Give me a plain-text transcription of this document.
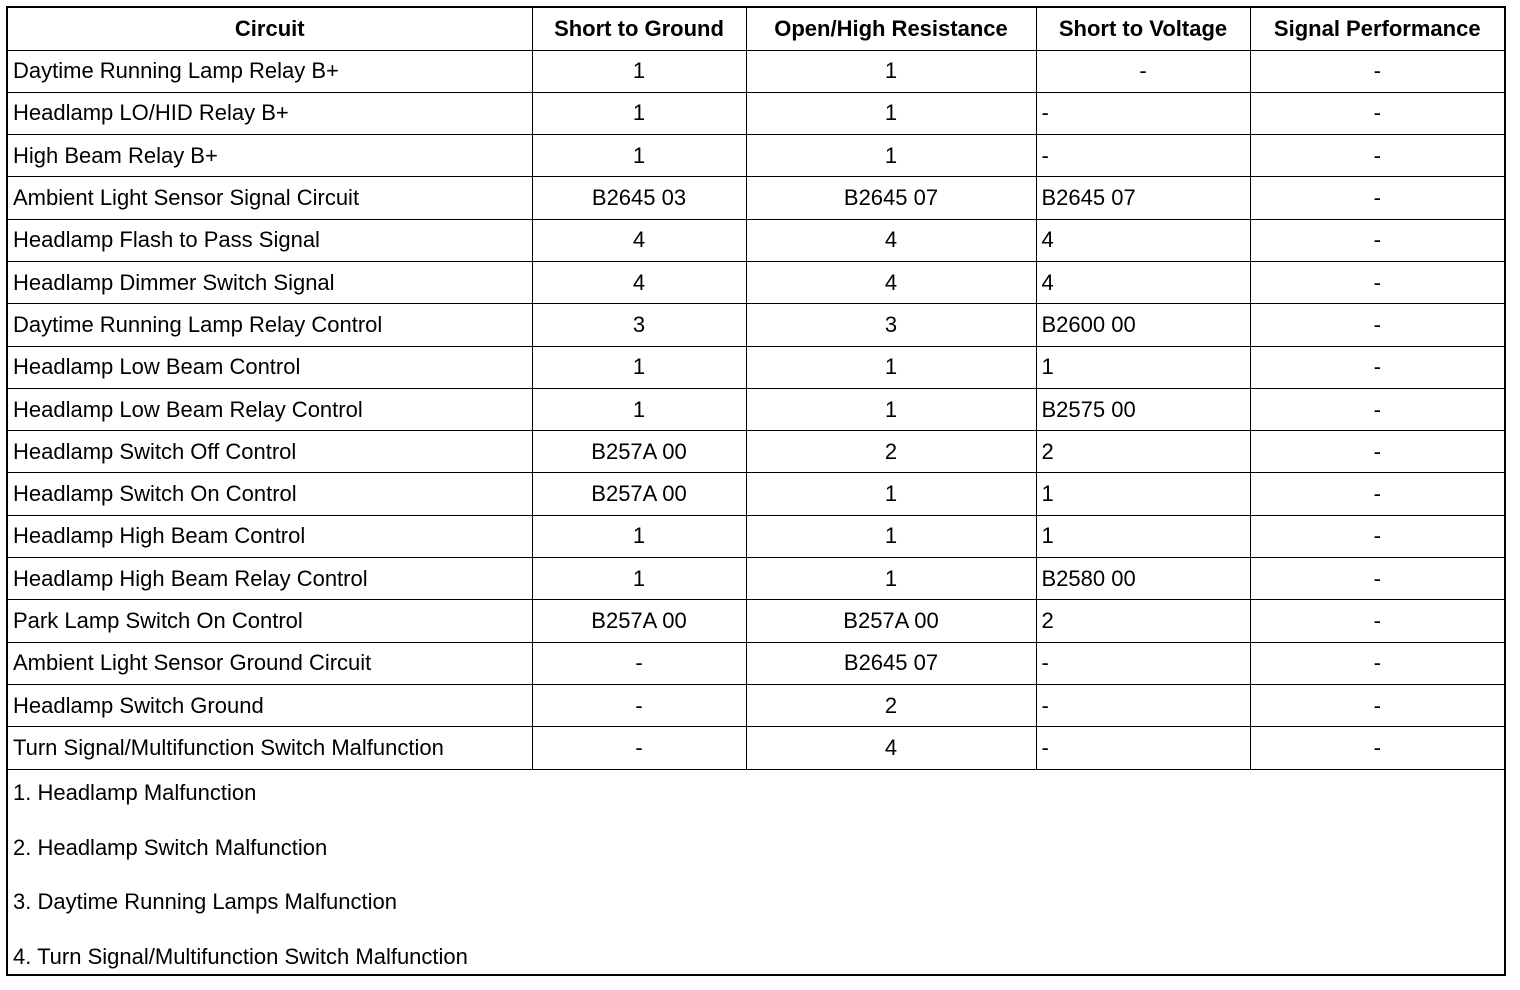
Circuit	Short to Ground	Open/High Resistance	Short to Voltage	Signal Performance
Daytime Running Lamp Relay B+	1	1	-	-
Headlamp LO/HID Relay B+	1	1	-	-
High Beam Relay B+	1	1	-	-
Ambient Light Sensor Signal Circuit	B2645 03	B2645 07	B2645 07	-
Headlamp Flash to Pass Signal	4	4	4	-
Headlamp Dimmer Switch Signal	4	4	4	-
Daytime Running Lamp Relay Control	3	3	B2600 00	-
Headlamp Low Beam Control	1	1	1	-
Headlamp Low Beam Relay Control	1	1	B2575 00	-
Headlamp Switch Off Control	B257A 00	2	2	-
Headlamp Switch On Control	B257A 00	1	1	-
Headlamp High Beam Control	1	1	1	-
Headlamp High Beam Relay Control	1	1	B2580 00	-
Park Lamp Switch On Control	B257A 00	B257A 00	2	-
Ambient Light Sensor Ground Circuit	-	B2645 07	-	-
Headlamp Switch Ground	-	2	-	-
Turn Signal/Multifunction Switch Malfunction	-	4	-	-
1. Headlamp Malfunction
2. Headlamp Switch Malfunction
3. Daytime Running Lamps Malfunction
4. Turn Signal/Multifunction Switch Malfunction
